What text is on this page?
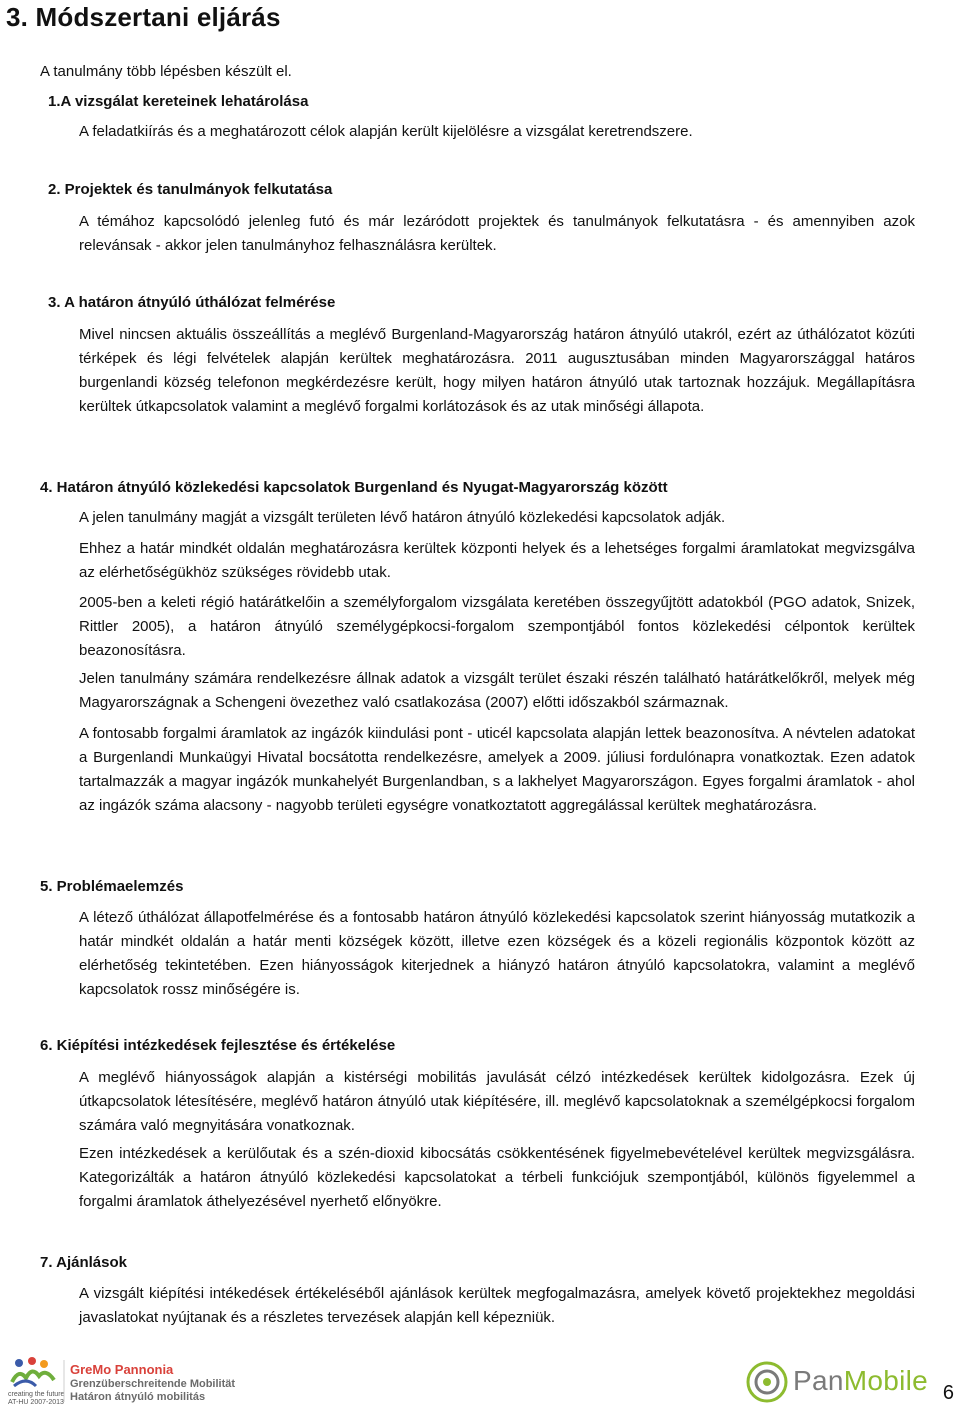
3. Módszertani eljárás
A tanulmány több lépésben készült el.
1.A vizsgálat kereteinek lehatárolása
A feladatkiírás és a meghatározott célok alapján került kijelölésre a vizsgálat keretrendszere.
2. Projektek és tanulmányok felkutatása
A témához kapcsolódó jelenleg futó és már lezáródott projektek és tanulmányok felkutatásra - és amennyiben azok relevánsak - akkor jelen tanulmányhoz felhasználásra kerültek.
3. A határon átnyúló úthálózat felmérése
Mivel nincsen aktuális összeállítás a meglévő Burgenland-Magyarország határon átnyúló utakról, ezért az úthálózatot közúti térképek és légi felvételek alapján kerültek meghatározásra. 2011 augusztusában minden Magyarországgal határos burgenlandi község telefonon megkérdezésre került, hogy milyen határon átnyúló utak tartoznak hozzájuk. Megállapításra kerültek útkapcsolatok valamint a meglévő forgalmi korlátozások és az utak minőségi állapota.
4. Határon átnyúló közlekedési kapcsolatok Burgenland és Nyugat-Magyarország között
A jelen tanulmány magját a vizsgált területen lévő határon átnyúló közlekedési kapcsolatok adják.
Ehhez a határ mindkét oldalán meghatározásra kerültek központi helyek és a lehetséges forgalmi áramlatokat megvizsgálva az elérhetőségükhöz szükséges rövidebb utak.
2005-ben a keleti régió határátkelőin a személyforgalom vizsgálata keretében összegyűjtött adatokból (PGO adatok, Snizek, Rittler 2005), a határon átnyúló személygépkocsi-forgalom szempontjából fontos közlekedési célpontok kerültek beazonosításra.
Jelen tanulmány számára rendelkezésre állnak adatok a vizsgált terület északi részén található határátkelőkről, melyek még Magyarországnak a Schengeni övezethez való csatlakozása (2007) előtti időszakból származnak.
A fontosabb forgalmi áramlatok az ingázók kiindulási pont - uticél kapcsolata alapján lettek beazonosítva. A névtelen adatokat a Burgenlandi Munkaügyi Hivatal bocsátotta rendelkezésre, amelyek a 2009. júliusi fordulónapra vonatkoztak. Ezen adatok tartalmazzák a magyar ingázók munkahelyét Burgenlandban, s a lakhelyet Magyarországon. Egyes forgalmi áramlatok - ahol az ingázók száma alacsony - nagyobb területi egységre vonatkoztatott aggregálással kerültek meghatározásra.
5. Problémaelemzés
A létező úthálózat állapotfelmérése és a fontosabb határon átnyúló közlekedési kapcsolatok szerint hiányosság mutatkozik a határ mindkét oldalán a határ menti községek között, illetve ezen községek és a közeli regionális központok között az elérhetőség tekintetében. Ezen hiányosságok kiterjednek a hiányzó határon átnyúló kapcsolatokra, valamint a meglévő kapcsolatok rossz minőségére is.
6. Kiépítési intézkedések fejlesztése és értékelése
A meglévő hiányosságok alapján a kistérségi mobilitás javulását célzó intézkedések kerültek kidolgozásra. Ezek új útkapcsolatok létesítésére, meglévő határon átnyúló utak kiépítésére, ill. meglévő kapcsolatoknak a személgépkocsi forgalom számára való megnyitására vonatkoznak.
Ezen intézkedések a kerülőutak és a szén-dioxid kibocsátás csökkentésének figyelmebevételével kerültek megvizsgálásra. Kategorizálták a határon átnyúló közlekedési kapcsolatokat a térbeli funkciójuk szempontjából, különös figyelemmel a forgalmi áramlatok áthelyezésével nyerhető előnyökre.
7. Ajánlások
A vizsgált kiépítési intékedések értékeléséből ajánlások kerültek megfogalmazásra, amelyek követő projektekhez megoldási javaslatokat nyújtanak és a részletes tervezések alapján kell képezniük.
creating the future
AT-HU 2007-2013
GreMo Pannonia
Grenzüberschreitende Mobilität
Határon átnyúló mobilitás
PanMobile 6
